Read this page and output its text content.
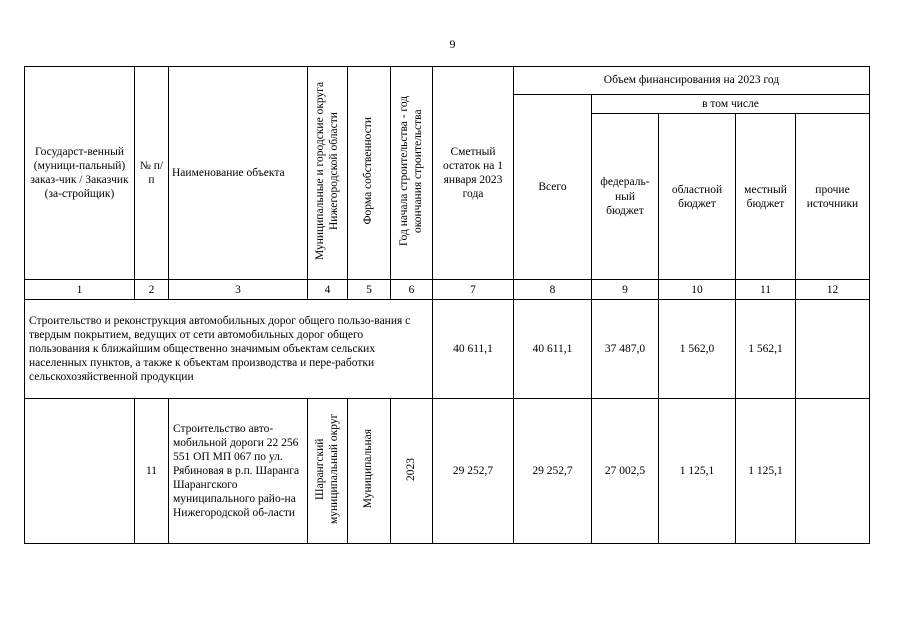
9
Государст-венный (муници-пальный) заказ-чик / Заказчик (за-стройщик)	№ п/п	Наименование объекта	Муниципальные и городские округа Нижегородской области	Форма собственности	Год начала строительства - год окончания строительства	Сметный остаток на 1 января 2023 года	Объем финансирования на 2023 год				
							Всего	в том числе			
								федераль-ный бюджет	областной бюджет	местный бюджет	прочие источники
1	2	3	4	5	6	7	8	9	10	11	12
Строительство и реконструкция автомобильных дорог общего пользо-вания с твердым покрытием, ведущих от сети автомобильных дорог общего пользования к ближайшим общественно значимым объектам сельских населенных пунктов, а также к объектам производства и пере-работки сельскохозяйственной продукции						40 611,1	40 611,1	37 487,0	1 562,0	1 562,1	
	11	Строительство авто-мобильной дороги 22 256 551 ОП МП 067 по ул. Рябиновая в р.п. Шаранга Шарангского муниципального райо-на Нижегородской об-ласти	Шарангский муниципальный округ	Муниципальная	2023	29 252,7	29 252,7	27 002,5	1 125,1	1 125,1	
